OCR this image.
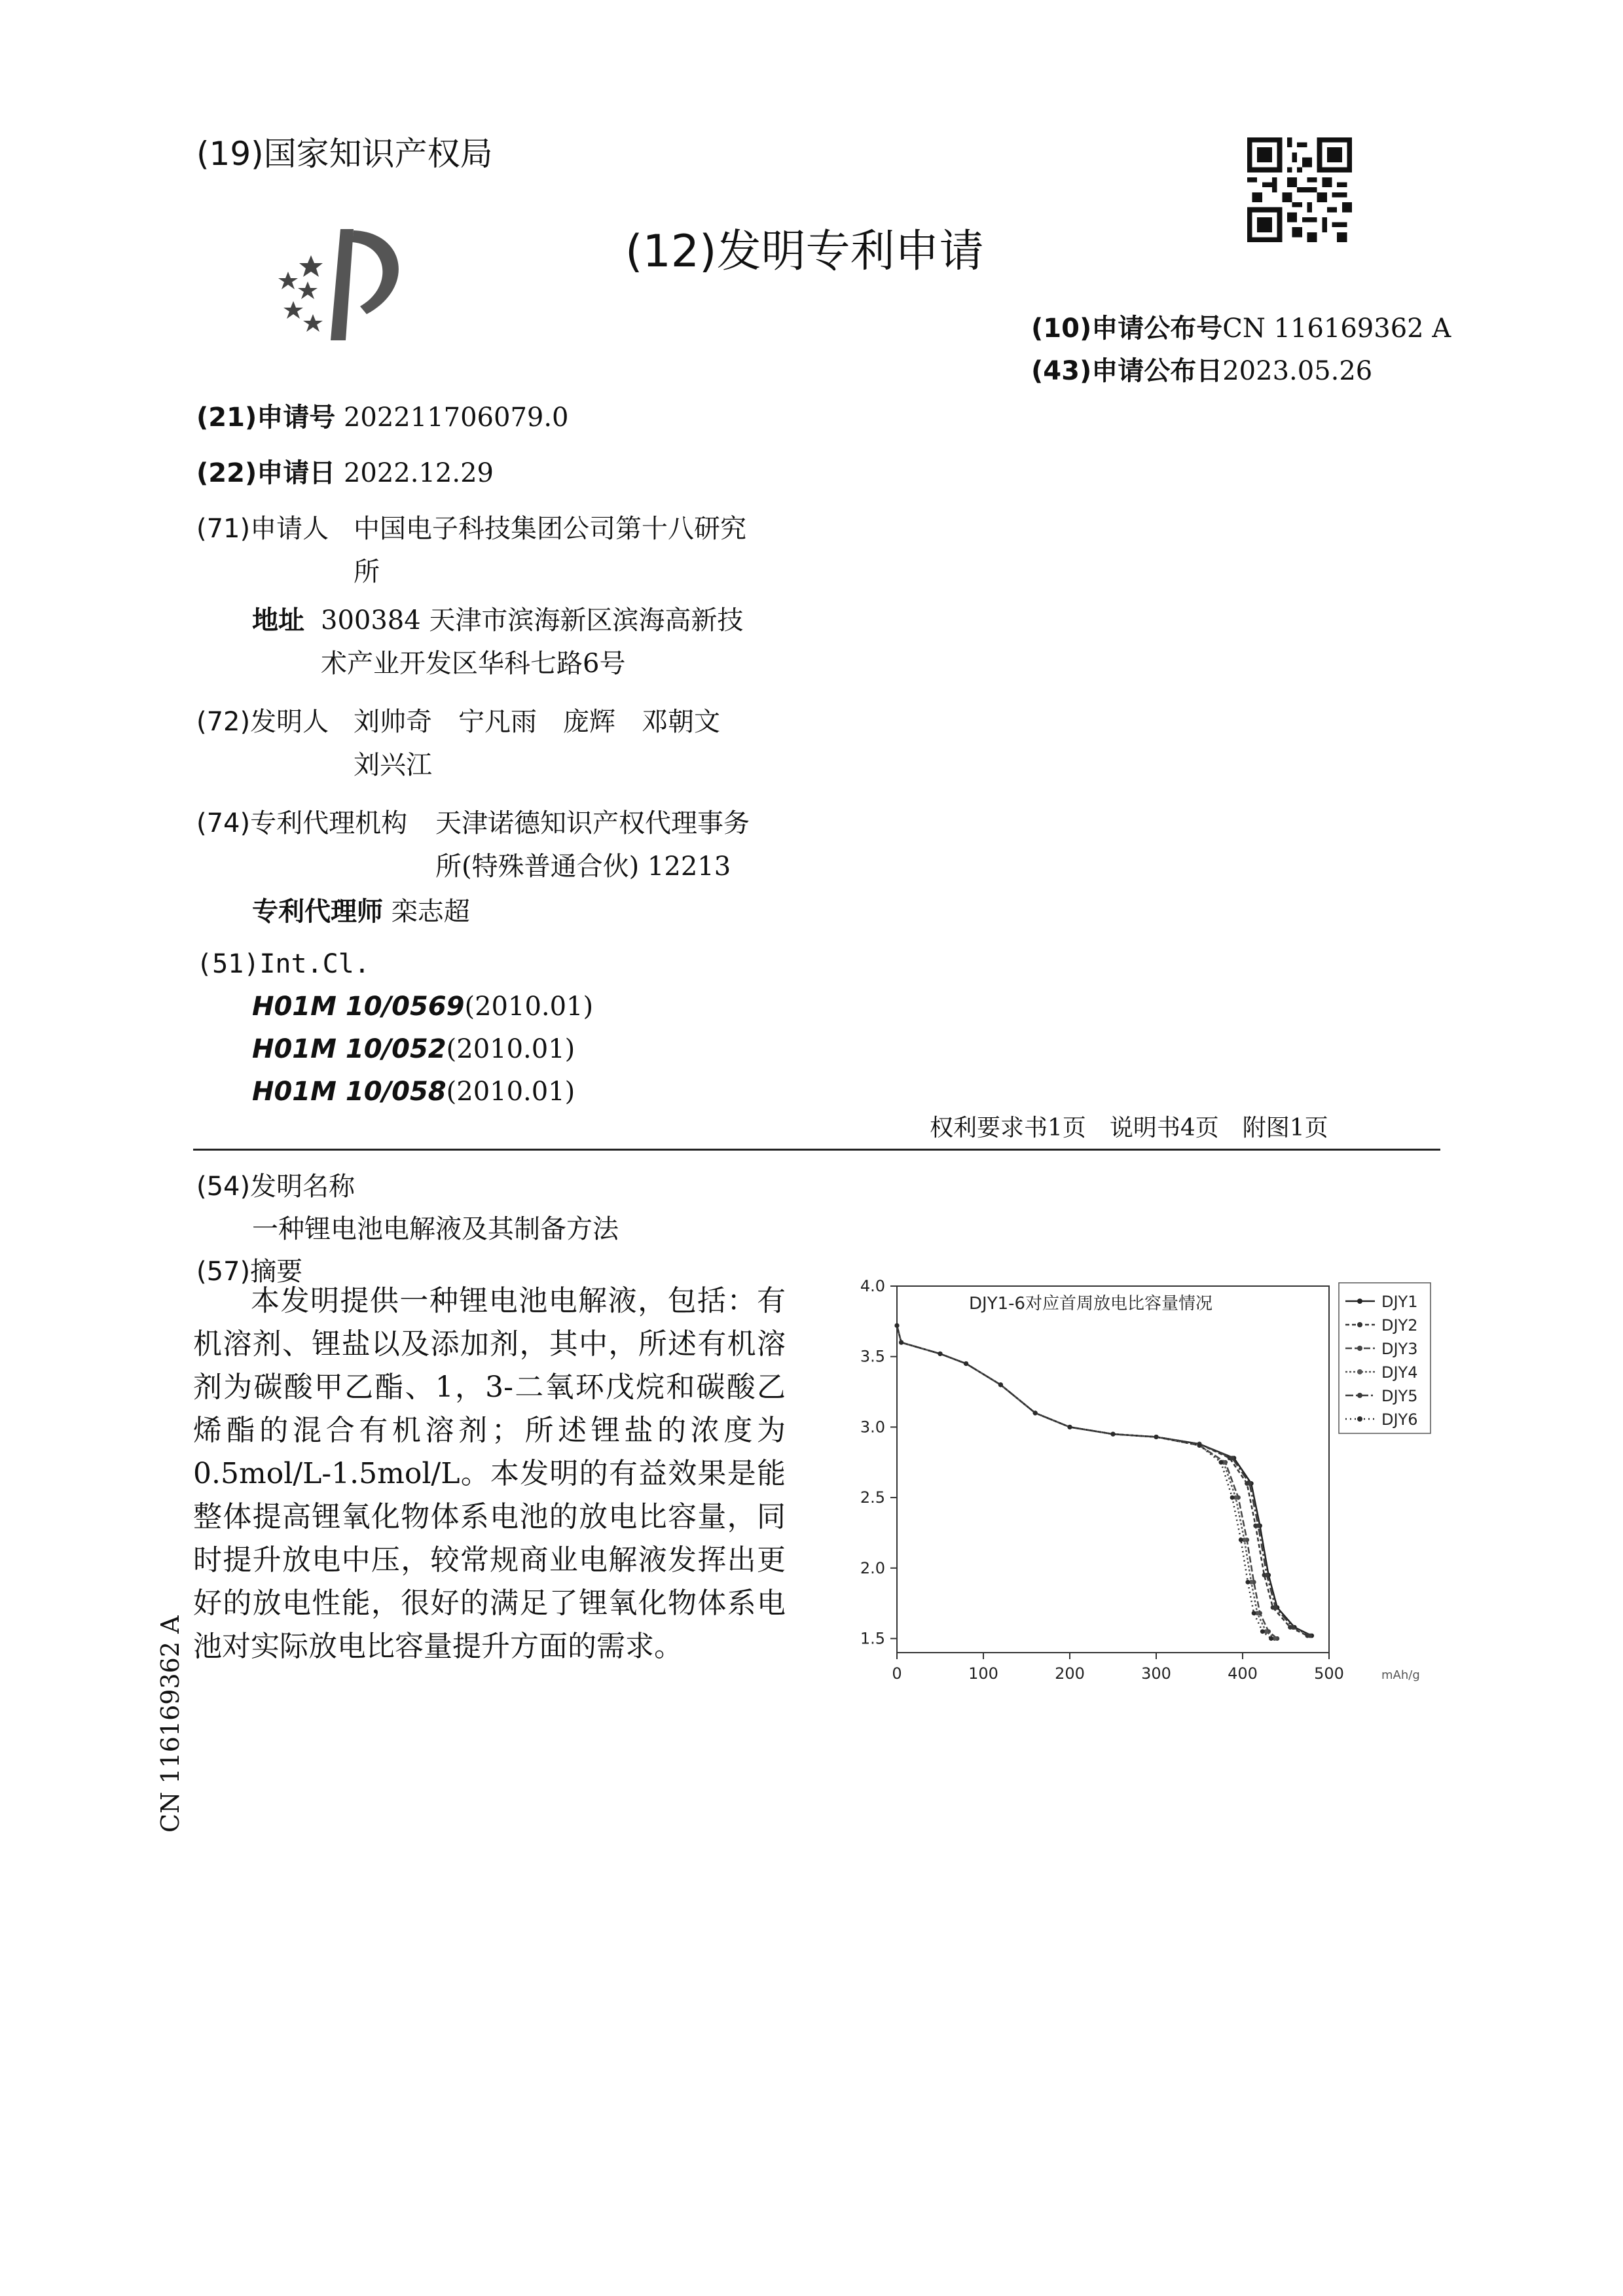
(19)国家知识产权局
(12)发明专利申请
(10)申请公布号CN 116169362 A
(43)申请公布日2023.05.26
(21)申请号 202211706079.0
(22)申请日 2022.12.29
(71)申请人 中国电子科技集团公司第十八研究
所
地址 300384 天津市滨海新区滨海高新技
术产业开发区华科七路6号
(72)发明人 刘帅奇　宁凡雨　庞辉　邓朝文
刘兴江
(74)专利代理机构 天津诺德知识产权代理事务
所(特殊普通合伙) 12213
专利代理师 栾志超
(51)Int.Cl.
H01M 10/0569(2010.01)
H01M 10/052(2010.01)
H01M 10/058(2010.01)
权利要求书1页　说明书4页　附图1页
(54)发明名称
一种锂电池电解液及其制备方法
(57)摘要
本发明提供一种锂电池电解液，包括：有机溶剂、锂盐以及添加剂，其中，所述有机溶剂为碳酸甲乙酯、1，3-二氧环戊烷和碳酸乙烯酯的混合有机溶剂；所述锂盐的浓度为0.5mol/L-1.5mol/L。本发明的有益效果是能整体提高锂氧化物体系电池的放电比容量，同时提升放电中压，较常规商业电解液发挥出更好的放电性能，很好的满足了锂氧化物体系电池对实际放电比容量提升方面的需求。
DJY1-6对应首周放电比容量情况
0	100	200	300	400	500
1.5
2.0
2.5
3.0
3.5
4.0
mAh/g
DJY1
DJY2
DJY3
DJY4
DJY5
DJY6
CN 116169362 A
